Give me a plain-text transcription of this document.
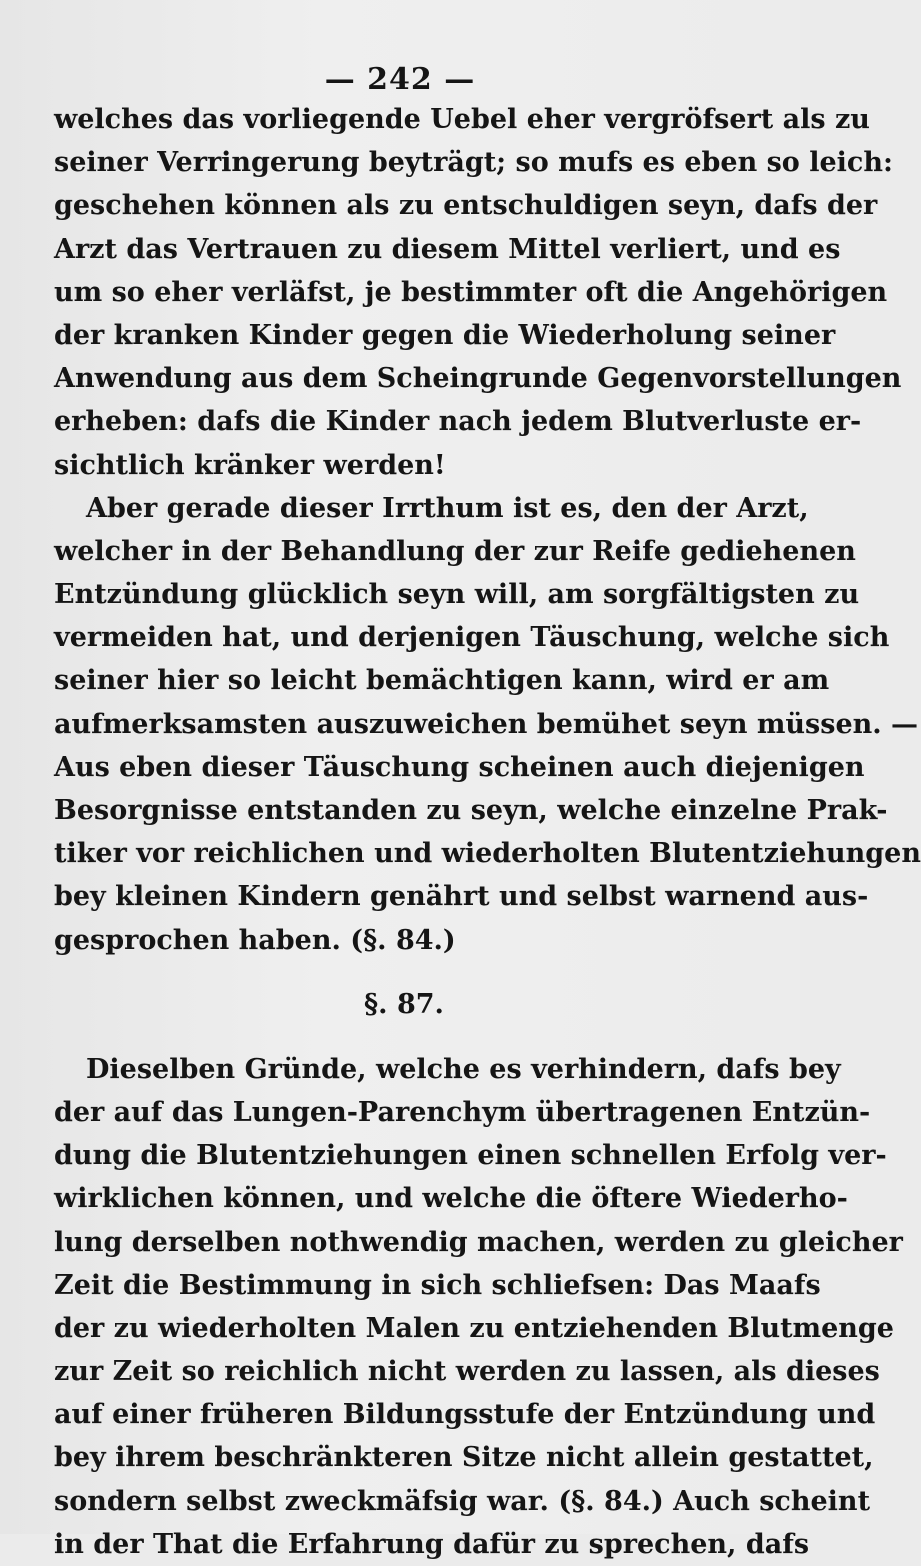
— 242 —
welches das vorliegende Uebel eher vergröfsert als zu
seiner Verringerung beyträgt; so mufs es eben so leich:
geschehen können als zu entschuldigen seyn, dafs der
Arzt das Vertrauen zu diesem Mittel verliert, und es
um so eher verläfst, je bestimmter oft die Angehörigen
der kranken Kinder gegen die Wiederholung seiner
Anwendung aus dem Scheingrunde Gegenvorstellungen
erheben: dafs die Kinder nach jedem Blutverluste er-
sichtlich kränker werden!
Aber gerade dieser Irrthum ist es, den der Arzt,
welcher in der Behandlung der zur Reife gediehenen
Entzündung glücklich seyn will, am sorgfältigsten zu
vermeiden hat, und derjenigen Täuschung, welche sich
seiner hier so leicht bemächtigen kann, wird er am
aufmerksamsten auszuweichen bemühet seyn müssen. —
Aus eben dieser Täuschung scheinen auch diejenigen
Besorgnisse entstanden zu seyn, welche einzelne Prak-
tiker vor reichlichen und wiederholten Blutentziehungen
bey kleinen Kindern genährt und selbst warnend aus-
gesprochen haben. (§. 84.)
§. 87.
Dieselben Gründe, welche es verhindern, dafs bey
der auf das Lungen-Parenchym übertragenen Entzün-
dung die Blutentziehungen einen schnellen Erfolg ver-
wirklichen können, und welche die öftere Wiederho-
lung derselben nothwendig machen, werden zu gleicher
Zeit die Bestimmung in sich schliefsen: Das Maafs
der zu wiederholten Malen zu entziehenden Blutmenge
zur Zeit so reichlich nicht werden zu lassen, als dieses
auf einer früheren Bildungsstufe der Entzündung und
bey ihrem beschränkteren Sitze nicht allein gestattet,
sondern selbst zweckmäfsig war. (§. 84.) Auch scheint
in der That die Erfahrung dafür zu sprechen, dafs
